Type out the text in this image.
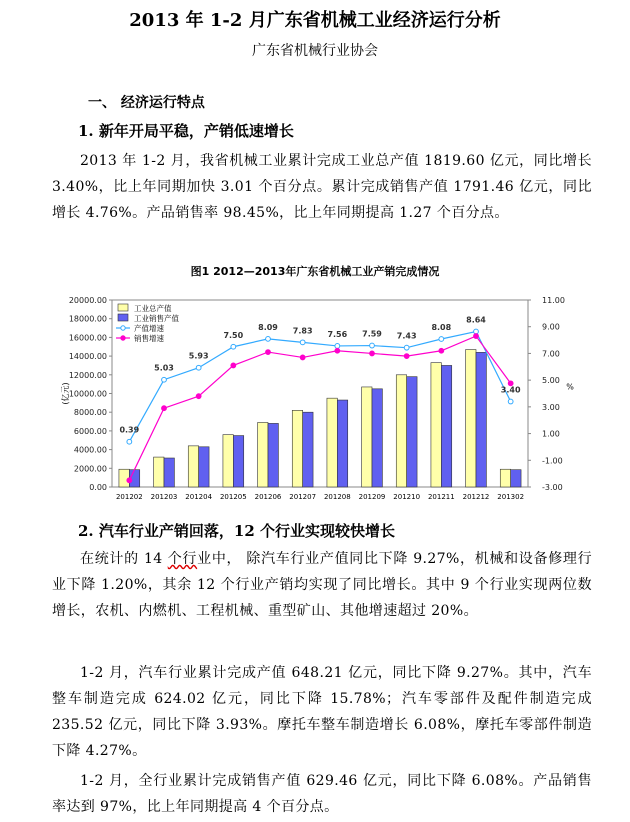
2013 年 1-2 月广东省机械工业经济运行分析
广东省机械行业协会
一、 经济运行特点
1. 新年开局平稳，产销低速增长
2013 年 1-2 月，我省机械工业累计完成工业总产值 1819.60 亿元，同比增长 3.40%，比上年同期加快 3.01 个百分点。累计完成销售产值 1791.46 亿元，同比增长 4.76%。产品销售率 98.45%，比上年同期提高 1.27 个百分点。
图1 2012—2013年广东省机械工业产销完成情况
0.00
2000.00
4000.00
6000.00
8000.00
10000.00
12000.00
14000.00
16000.00
18000.00
20000.00
-3.00
-1.00
1.00
3.00
5.00
7.00
9.00
11.00
(亿元)	%
201202 201203 201204 201205 201206 201207 201208 201209 201210 201211 201212 201302
0.39
5.03
5.93
7.50
8.09 7.83 7.56 7.59 7.43
8.08
8.64
3.40
工业总产值
工业销售产值
产值增速
销售增速
2. 汽车行业产销回落，12 个行业实现较快增长
在统计的 14 个行业中， 除汽车行业产值同比下降 9.27%，机械和设备修理行业下降 1.20%，其余 12 个行业产销均实现了同比增长。其中 9 个行业实现两位数增长，农机、内燃机、工程机械、重型矿山、其他增速超过 20%。
1-2 月，汽车行业累计完成产值 648.21 亿元，同比下降 9.27%。其中，汽车整车制造完成 624.02 亿元，同比下降 15.78%；汽车零部件及配件制造完成 235.52 亿元，同比下降 3.93%。摩托车整车制造增长 6.08%，摩托车零部件制造下降 4.27%。
1-2 月，全行业累计完成销售产值 629.46 亿元，同比下降 6.08%。产品销售率达到 97%，比上年同期提高 4 个百分点。
